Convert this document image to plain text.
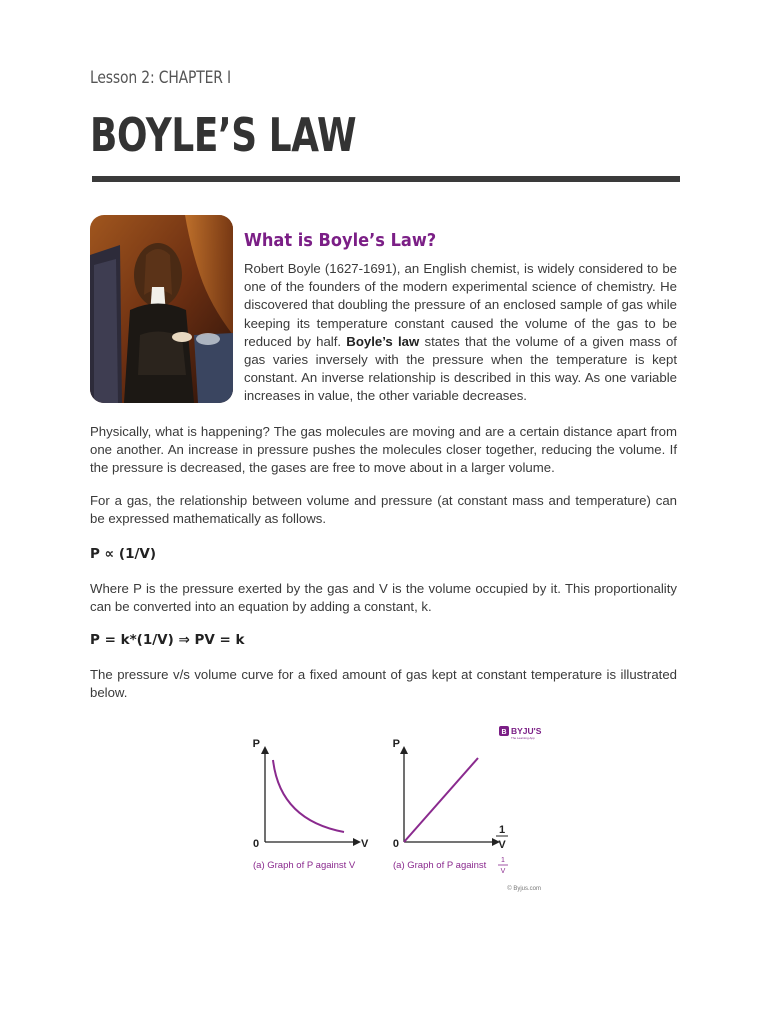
Lesson 2: CHAPTER I
BOYLE’S LAW
What is Boyle’s Law?
Robert Boyle (1627-1691), an English chemist, is widely considered to be one of the founders of the modern experimental science of chemistry. He discovered that doubling the pressure of an enclosed sample of gas while keeping its temperature constant caused the volume of the gas to be reduced by half. Boyle’s law states that the volume of a given mass of gas varies inversely with the pressure when the temperature is kept constant. An inverse relationship is described in this way. As one variable increases in value, the other variable decreases.
Physically, what is happening? The gas molecules are moving and are a certain distance apart from one another. An increase in pressure pushes the molecules closer together, reducing the volume. If the pressure is decreased, the gases are free to move about in a larger volume.
For a gas, the relationship between volume and pressure (at constant mass and temperature) can be expressed mathematically as follows.
P ∝ (1/V)
Where P is the pressure exerted by the gas and V is the volume occupied by it. This proportionality can be converted into an equation by adding a constant, k.
P = k*(1/V) ⇒ PV = k
The pressure v/s volume curve for a fixed amount of gas kept at constant temperature is illustrated below.
B BYJU'S
The Learning App
P
0	V
(a) Graph of P against V
P
0
1
V
(a) Graph of P against 1
V
© Byjus.com
